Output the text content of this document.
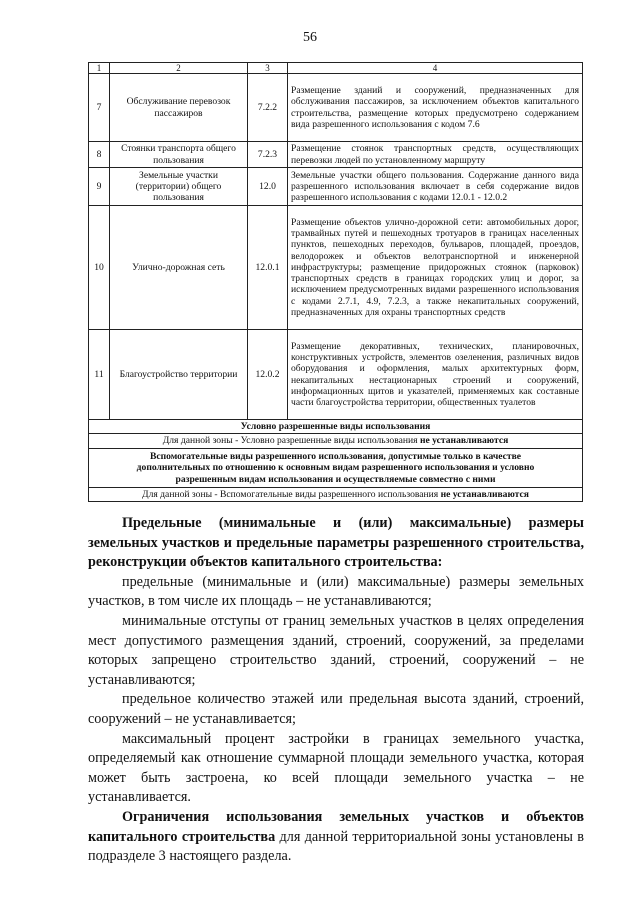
56
1	2	3	4
7	Обслуживание перевозок пассажиров	7.2.2	Размещение зданий и сооружений, предназначенных для обслуживания пассажиров, за исключением объектов капитального строительства, размещение которых предусмотрено содержанием вида разрешенного использования с кодом 7.6
8	Стоянки транспорта общего пользования	7.2.3	Размещение стоянок транспортных средств, осуществляющих перевозки людей по установленному маршруту
9	Земельные участки (территории) общего пользования	12.0	Земельные участки общего пользования. Содержание данного вида разрешенного использования включает в себя содержание видов разрешенного использования с кодами 12.0.1 - 12.0.2
10	Улично-дорожная сеть	12.0.1	Размещение объектов улично-дорожной сети: автомобильных дорог, трамвайных путей и пешеходных тротуаров в границах населенных пунктов, пешеходных переходов, бульваров, площадей, проездов, велодорожек и объектов велотранспортной и инженерной инфраструктуры; размещение придорожных стоянок (парковок) транспортных средств в границах городских улиц и дорог, за исключением предусмотренных видами разрешенного использования с кодами 2.7.1, 4.9, 7.2.3, а также некапитальных сооружений, предназначенных для охраны транспортных средств
11	Благоустройство территории	12.0.2	Размещение декоративных, технических, планировочных, конструктивных устройств, элементов озеленения, различных видов оборудования и оформления, малых архитектурных форм, некапитальных нестационарных строений и сооружений, информационных щитов и указателей, применяемых как составные части благоустройства территории, общественных туалетов
Условно разрешенные виды использования			
Для данной зоны - Условно разрешенные виды использования не устанавливаются			
Вспомогательные виды разрешенного использования, допустимые только в качестве дополнительных по отношению к основным видам разрешенного использования и условно разрешенным видам использования и осуществляемые совместно с ними			
Для данной зоны - Вспомогательные виды разрешенного использования не устанавливаются			

Предельные (минимальные и (или) максимальные) размеры земельных участков и предельные параметры разрешенного строительства, реконструкции объектов капитального строительства:

предельные (минимальные и (или) максимальные) размеры земельных участков, в том числе их площадь – не устанавливаются;

минимальные отступы от границ земельных участков в целях определения мест допустимого размещения зданий, строений, сооружений, за пределами которых запрещено строительство зданий, строений, сооружений – не устанавливаются;

предельное количество этажей или предельная высота зданий, строений, сооружений – не устанавливается;

максимальный процент застройки в границах земельного участка, определяемый как отношение суммарной площади земельного участка, которая может быть застроена, ко всей площади земельного участка – не устанавливается.

Ограничения использования земельных участков и объектов капитального строительства для данной территориальной зоны установлены в подразделе 3 настоящего раздела.
